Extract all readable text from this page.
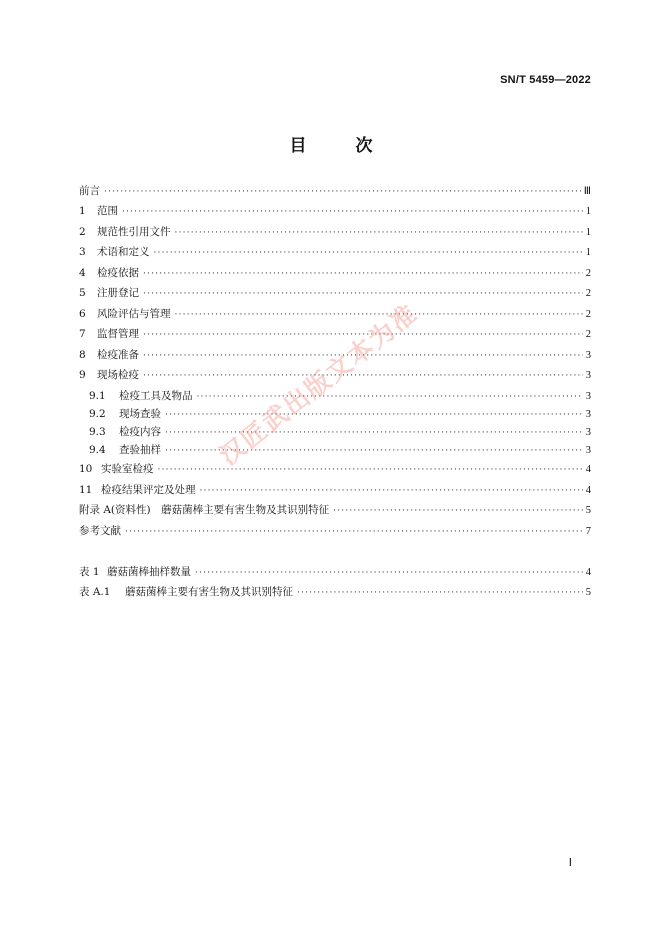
SN/T 5459—2022
目	次
前言 ·····	Ⅲ
1	范围 ·····	1
2	规范性引用文件 ·····	1
3	术语和定义 ·····	1
4	检疫依据 ·····	2
5	注册登记 ·····	2
6	风险评估与管理 ·····	2
7	监督管理 ·····	2
8	检疫准备 ·····	3
9	现场检疫 ·····	3
9.1	检疫工具及物品 ·····	3
9.2	现场查验 ·····	3
9.3	检疫内容 ·····	3
9.4	查验抽样 ·····	3
10 实验室检疫 ·····	4
11 检疫结果评定及处理 ·····	4
附录 A (资料性)　蘑菇菌棒主要有害生物及其识别特征 ·····	5
参考文献 ·····	7
表 1 蘑菇菌棒抽样数量 ·····	4
表 A.1	蘑菇菌棒主要有害生物及其识别特征 ·····	5
汉匠武出版文本为准
Ⅰ
